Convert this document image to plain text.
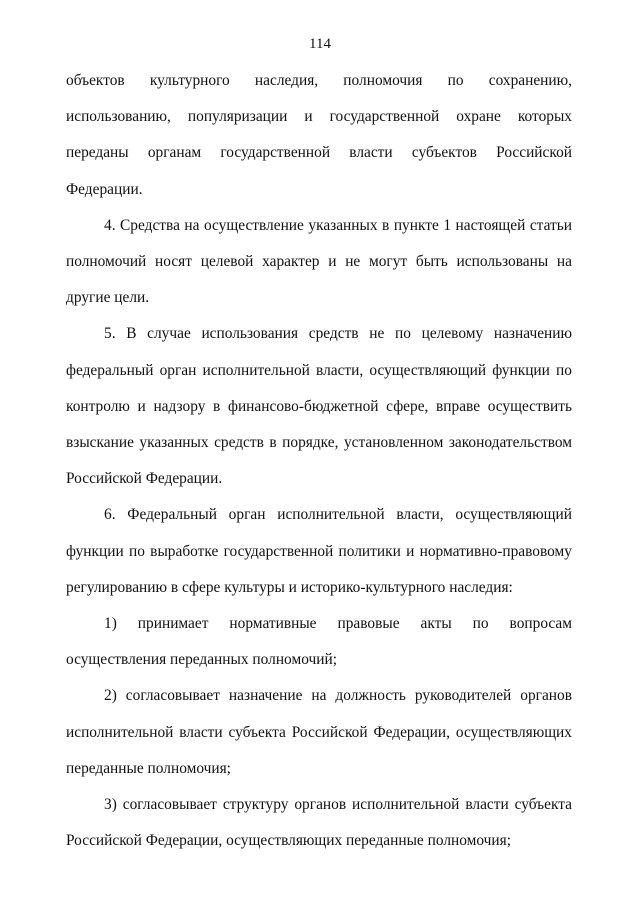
114

объектов культурного наследия, полномочия по сохранению, использованию, популяризации и государственной охране которых переданы органам государственной власти субъектов Российской Федерации.

4. Средства на осуществление указанных в пункте 1 настоящей статьи полномочий носят целевой характер и не могут быть использованы на другие цели.

5. В случае использования средств не по целевому назначению федеральный орган исполнительной власти, осуществляющий функции по контролю и надзору в финансово-бюджетной сфере, вправе осуществить взыскание указанных средств в порядке, установленном законодательством Российской Федерации.

6. Федеральный орган исполнительной власти, осуществляющий функции по выработке государственной политики и нормативно-правовому регулированию в сфере культуры и историко-культурного наследия:

1) принимает нормативные правовые акты по вопросам осуществления переданных полномочий;

2) согласовывает назначение на должность руководителей органов исполнительной власти субъекта Российской Федерации, осуществляющих переданные полномочия;

3) согласовывает структуру органов исполнительной власти субъекта Российской Федерации, осуществляющих переданные полномочия;
